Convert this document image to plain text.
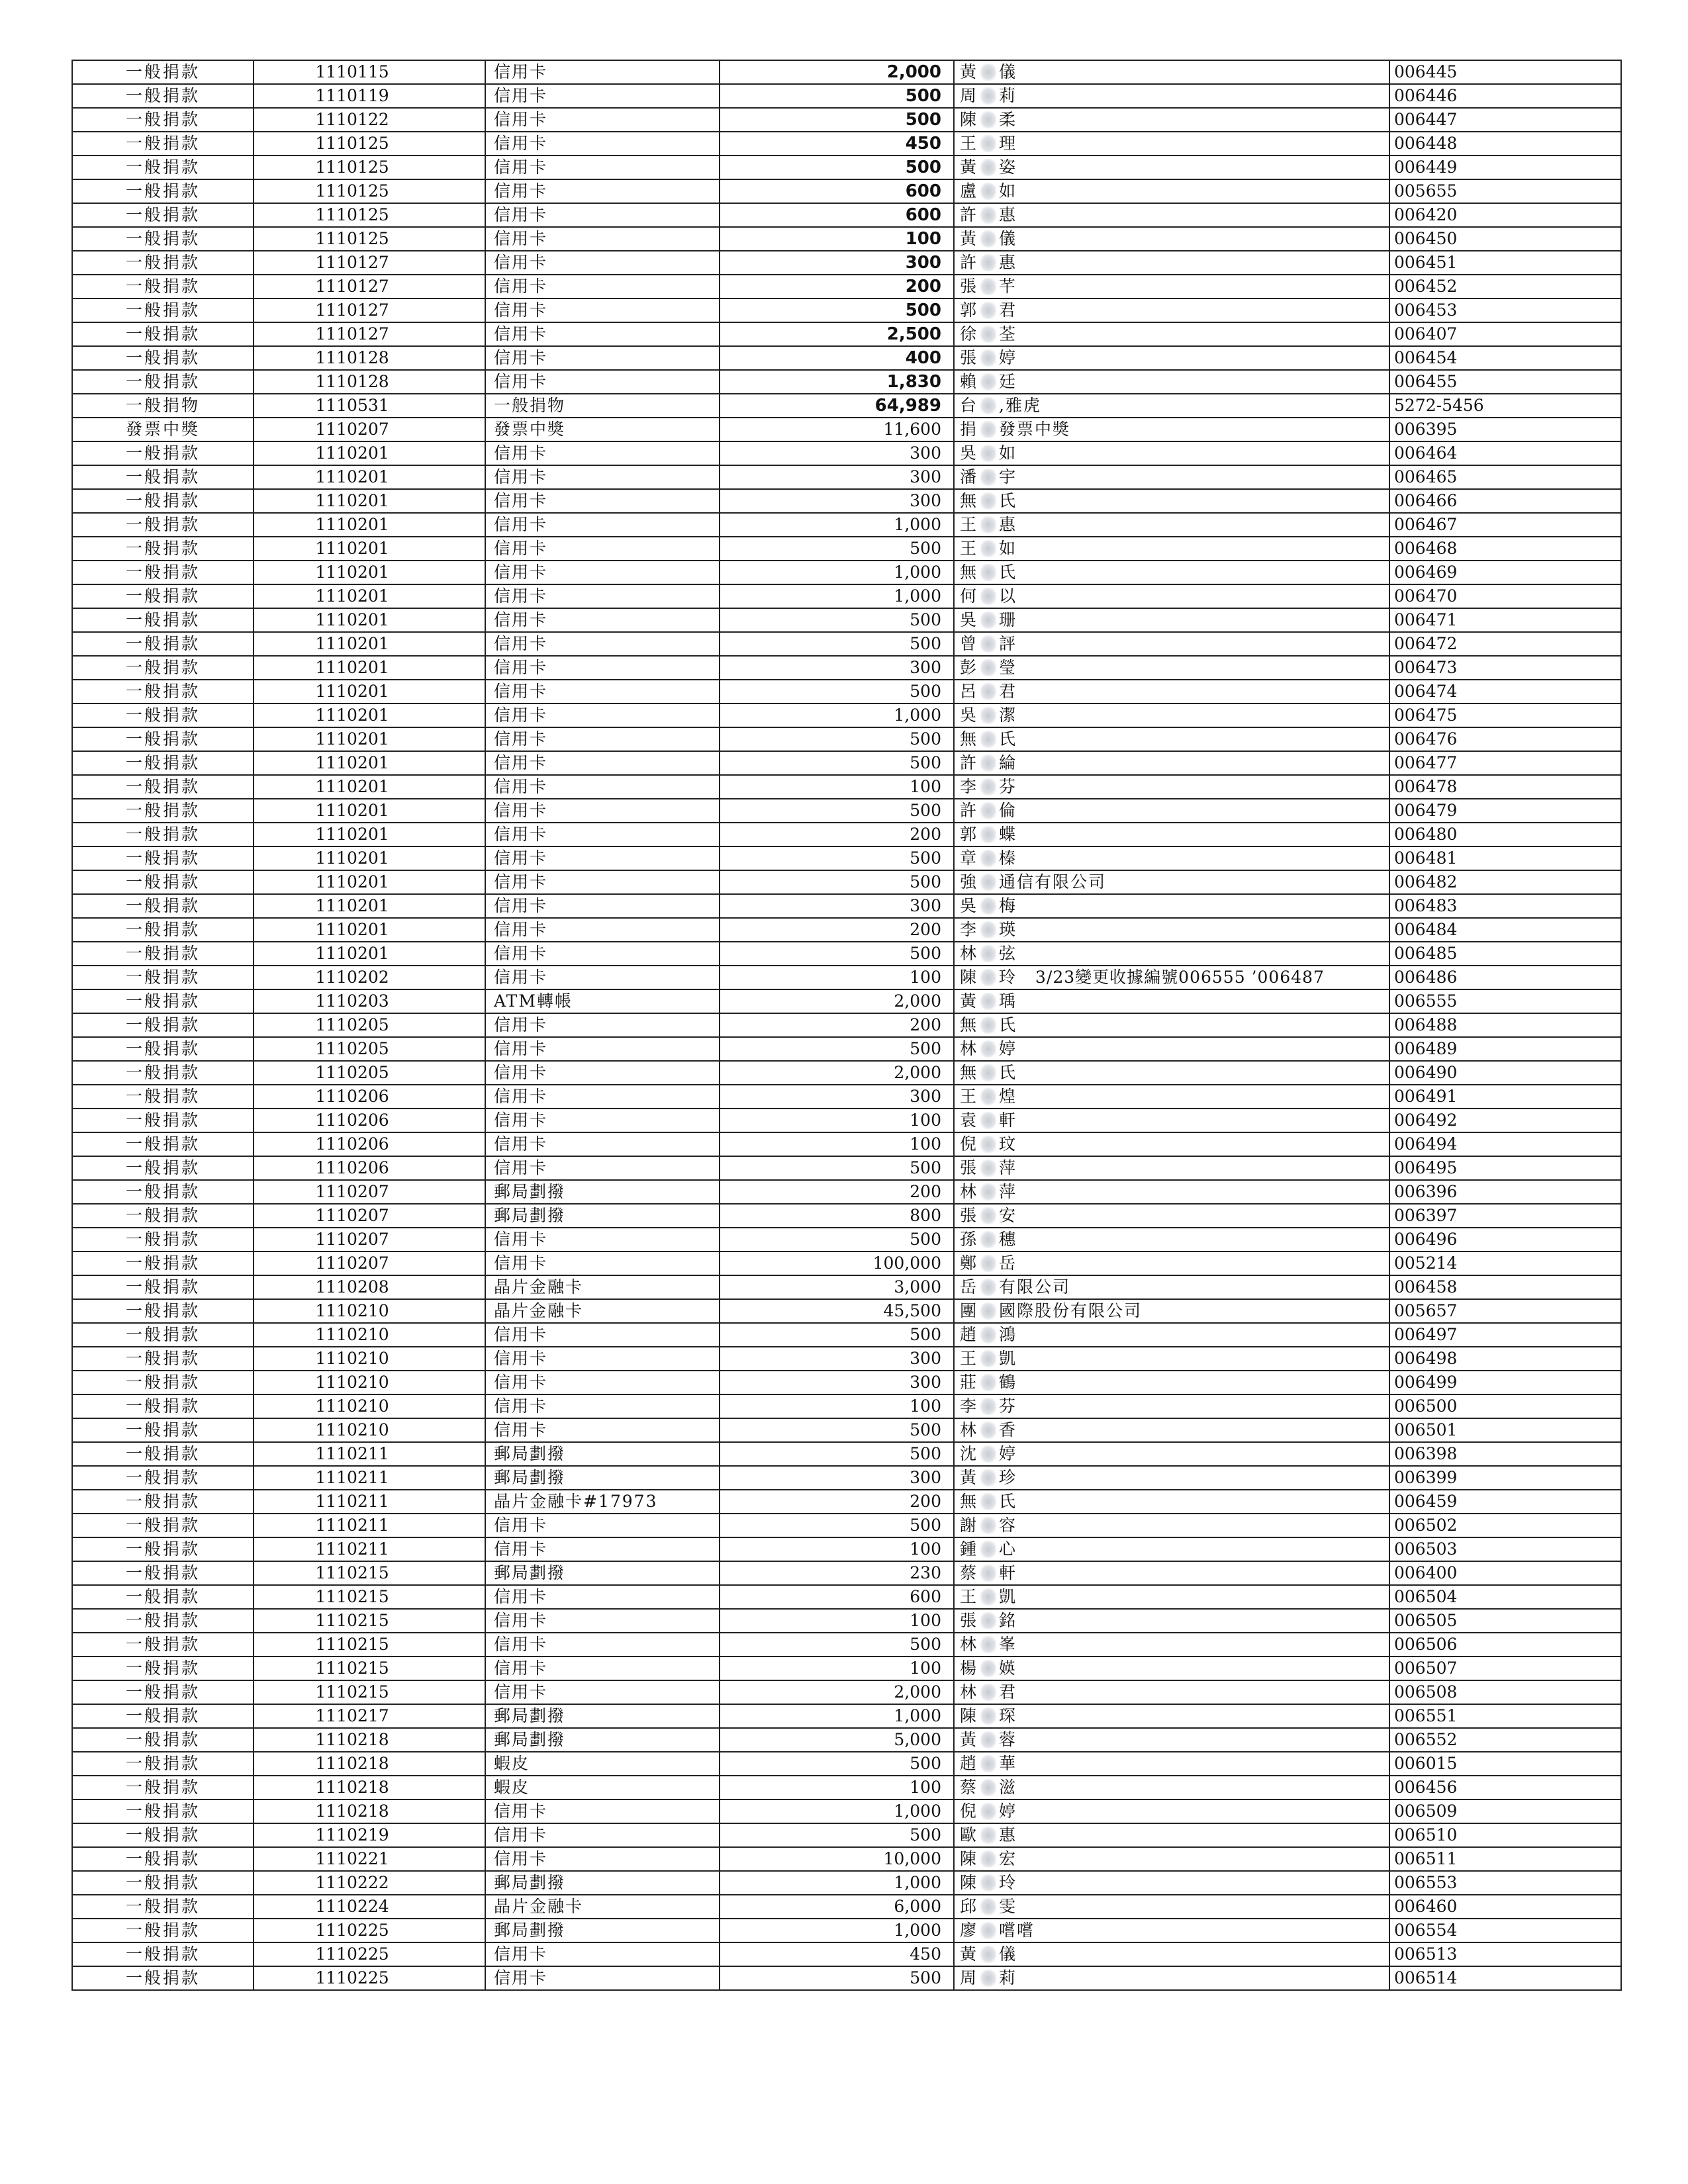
一般捐款	1110115	信用卡	2,000	黃 儀	006445
一般捐款	1110119	信用卡	500	周 莉	006446
一般捐款	1110122	信用卡	500	陳 柔	006447
一般捐款	1110125	信用卡	450	王 理	006448
一般捐款	1110125	信用卡	500	黃 姿	006449
一般捐款	1110125	信用卡	600	盧 如	005655
一般捐款	1110125	信用卡	600	許 惠	006420
一般捐款	1110125	信用卡	100	黃 儀	006450
一般捐款	1110127	信用卡	300	許 惠	006451
一般捐款	1110127	信用卡	200	張 芊	006452
一般捐款	1110127	信用卡	500	郭 君	006453
一般捐款	1110127	信用卡	2,500	徐 荃	006407
一般捐款	1110128	信用卡	400	張 婷	006454
一般捐款	1110128	信用卡	1,830	賴 廷	006455
一般捐物	1110531	一般捐物	64,989	台 ,雅虎	5272-5456
發票中獎	1110207	發票中獎	11,600	捐 發票中獎	006395
一般捐款	1110201	信用卡	300	吳 如	006464
一般捐款	1110201	信用卡	300	潘 宇	006465
一般捐款	1110201	信用卡	300	無 氏	006466
一般捐款	1110201	信用卡	1,000	王 惠	006467
一般捐款	1110201	信用卡	500	王 如	006468
一般捐款	1110201	信用卡	1,000	無 氏	006469
一般捐款	1110201	信用卡	1,000	何 以	006470
一般捐款	1110201	信用卡	500	吳 珊	006471
一般捐款	1110201	信用卡	500	曾 評	006472
一般捐款	1110201	信用卡	300	彭 瑩	006473
一般捐款	1110201	信用卡	500	呂 君	006474
一般捐款	1110201	信用卡	1,000	吳 潔	006475
一般捐款	1110201	信用卡	500	無 氏	006476
一般捐款	1110201	信用卡	500	許 綸	006477
一般捐款	1110201	信用卡	100	李 芬	006478
一般捐款	1110201	信用卡	500	許 倫	006479
一般捐款	1110201	信用卡	200	郭 蝶	006480
一般捐款	1110201	信用卡	500	章 榛	006481
一般捐款	1110201	信用卡	500	強 通信有限公司	006482
一般捐款	1110201	信用卡	300	吳 梅	006483
一般捐款	1110201	信用卡	200	李 瑛	006484
一般捐款	1110201	信用卡	500	林 弦	006485
一般捐款	1110202	信用卡	100	陳 玲 3/23變更收據編號006555 ’006487	006486
一般捐款	1110203	ATM轉帳	2,000	黃 瑀	006555
一般捐款	1110205	信用卡	200	無 氏	006488
一般捐款	1110205	信用卡	500	林 婷	006489
一般捐款	1110205	信用卡	2,000	無 氏	006490
一般捐款	1110206	信用卡	300	王 煌	006491
一般捐款	1110206	信用卡	100	袁 軒	006492
一般捐款	1110206	信用卡	100	倪 玟	006494
一般捐款	1110206	信用卡	500	張 萍	006495
一般捐款	1110207	郵局劃撥	200	林 萍	006396
一般捐款	1110207	郵局劃撥	800	張 安	006397
一般捐款	1110207	信用卡	500	孫 穗	006496
一般捐款	1110207	信用卡	100,000	鄭 岳	005214
一般捐款	1110208	晶片金融卡	3,000	岳 有限公司	006458
一般捐款	1110210	晶片金融卡	45,500	團 國際股份有限公司	005657
一般捐款	1110210	信用卡	500	趙 鴻	006497
一般捐款	1110210	信用卡	300	王 凱	006498
一般捐款	1110210	信用卡	300	莊 鶴	006499
一般捐款	1110210	信用卡	100	李 芬	006500
一般捐款	1110210	信用卡	500	林 香	006501
一般捐款	1110211	郵局劃撥	500	沈 婷	006398
一般捐款	1110211	郵局劃撥	300	黃 珍	006399
一般捐款	1110211	晶片金融卡#17973	200	無 氏	006459
一般捐款	1110211	信用卡	500	謝 容	006502
一般捐款	1110211	信用卡	100	鍾 心	006503
一般捐款	1110215	郵局劃撥	230	蔡 軒	006400
一般捐款	1110215	信用卡	600	王 凱	006504
一般捐款	1110215	信用卡	100	張 銘	006505
一般捐款	1110215	信用卡	500	林 峯	006506
一般捐款	1110215	信用卡	100	楊 媖	006507
一般捐款	1110215	信用卡	2,000	林 君	006508
一般捐款	1110217	郵局劃撥	1,000	陳 琛	006551
一般捐款	1110218	郵局劃撥	5,000	黃 蓉	006552
一般捐款	1110218	蝦皮	500	趙 華	006015
一般捐款	1110218	蝦皮	100	蔡 滋	006456
一般捐款	1110218	信用卡	1,000	倪 婷	006509
一般捐款	1110219	信用卡	500	歐 惠	006510
一般捐款	1110221	信用卡	10,000	陳 宏	006511
一般捐款	1110222	郵局劃撥	1,000	陳 玲	006553
一般捐款	1110224	晶片金融卡	6,000	邱 雯	006460
一般捐款	1110225	郵局劃撥	1,000	廖 嚐嚐	006554
一般捐款	1110225	信用卡	450	黃 儀	006513
一般捐款	1110225	信用卡	500	周 莉	006514
